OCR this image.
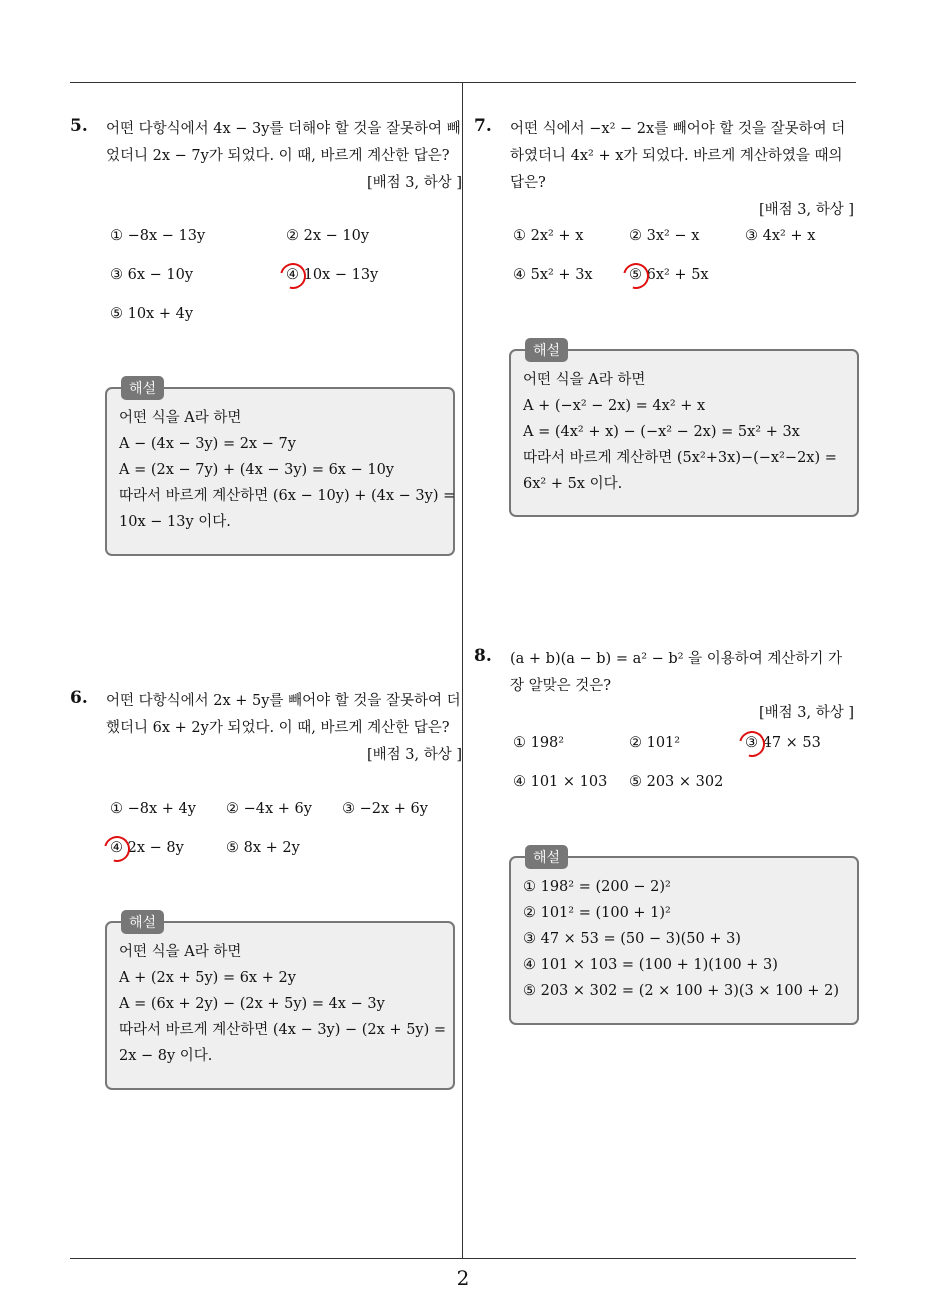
2
5. 어떤 다항식에서 4x − 3y를 더해야 할 것을 잘못하여 빼었더니 2x − 7y가 되었다. 이 때, 바르게 계산한 답은?
[배점 3, 하상 ]
① −8x − 13y	② 2x − 10y
③ 6x − 10y	④ 10x − 13y
⑤ 10x + 4y
해설
어떤 식을 A라 하면
A − (4x − 3y) = 2x − 7y
A = (2x − 7y) + (4x − 3y) = 6x − 10y
따라서 바르게 계산하면 (6x − 10y) + (4x − 3y) =
10x − 13y 이다.
6. 어떤 다항식에서 2x + 5y를 빼어야 할 것을 잘못하여 더했더니 6x + 2y가 되었다. 이 때, 바르게 계산한 답은?
[배점 3, 하상 ]
① −8x + 4y ② −4x + 6y ③ −2x + 6y
④ 2x − 8y	⑤ 8x + 2y
해설
어떤 식을 A라 하면
A + (2x + 5y) = 6x + 2y
A = (6x + 2y) − (2x + 5y) = 4x − 3y
따라서 바르게 계산하면 (4x − 3y) − (2x + 5y) =
2x − 8y 이다.
7. 어떤 식에서 −x² − 2x를 빼어야 할 것을 잘못하여 더하였더니 4x² + x가 되었다. 바르게 계산하였을 때의 답은?
[배점 3, 하상 ]
① 2x² + x	② 3x² − x	③ 4x² + x
④ 5x² + 3x	⑤ 6x² + 5x
해설
어떤 식을 A라 하면
A + (−x² − 2x) = 4x² + x
A = (4x² + x) − (−x² − 2x) = 5x² + 3x
따라서 바르게 계산하면 (5x²+3x)−(−x²−2x) =
6x² + 5x 이다.
8. (a + b)(a − b) = a² − b² 을 이용하여 계산하기 가장 알맞은 것은?
[배점 3, 하상 ]
① 198²	② 101²	③ 47 × 53
④ 101 × 103 ⑤ 203 × 302
해설
① 198² = (200 − 2)²
② 101² = (100 + 1)²
③ 47 × 53 = (50 − 3)(50 + 3)
④ 101 × 103 = (100 + 1)(100 + 3)
⑤ 203 × 302 = (2 × 100 + 3)(3 × 100 + 2)
